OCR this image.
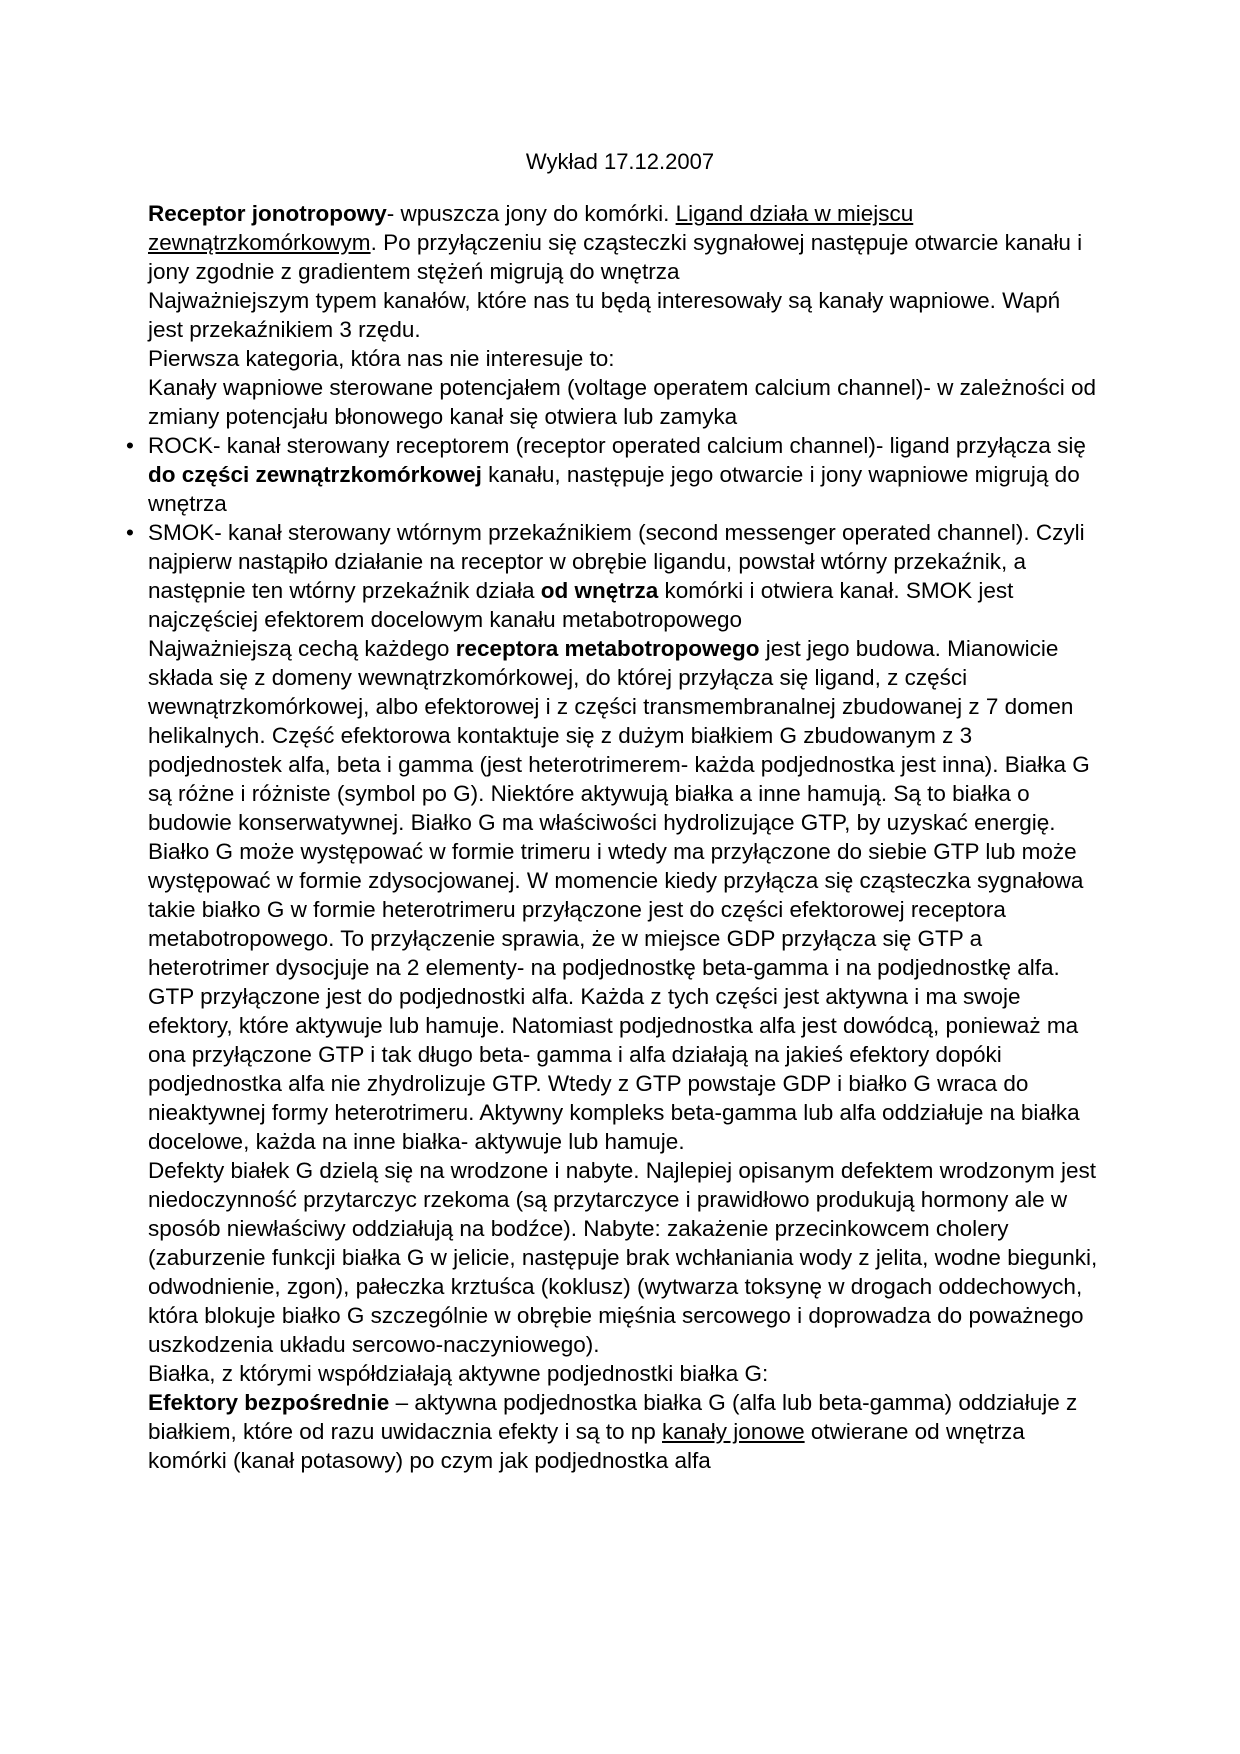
Wykład 17.12.2007

Receptor jonotropowy- wpuszcza jony do komórki. Ligand działa w miejscu zewnątrzkomórkowym. Po przyłączeniu się cząsteczki sygnałowej następuje otwarcie kanału i jony zgodnie z gradientem stężeń migrują do wnętrza

Najważniejszym typem kanałów, które nas tu będą interesowały są kanały wapniowe. Wapń jest przekaźnikiem 3 rzędu.

Pierwsza kategoria, która nas nie interesuje to:

Kanały wapniowe sterowane potencjałem (voltage operatem calcium channel)- w zależności od zmiany potencjału błonowego kanał się otwiera lub zamyka

• ROCK- kanał sterowany receptorem (receptor operated calcium channel)- ligand przyłącza się do części zewnątrzkomórkowej kanału, następuje jego otwarcie i jony wapniowe migrują do wnętrza

• SMOK- kanał sterowany wtórnym przekaźnikiem (second messenger operated channel). Czyli najpierw nastąpiło działanie na receptor w obrębie ligandu, powstał wtórny przekaźnik, a następnie ten wtórny przekaźnik działa od wnętrza komórki i otwiera kanał. SMOK jest najczęściej efektorem docelowym kanału metabotropowego

Najważniejszą cechą każdego receptora metabotropowego jest jego budowa. Mianowicie składa się z domeny wewnątrzkomórkowej, do której przyłącza się ligand, z części wewnątrzkomórkowej, albo efektorowej i z części transmembranalnej zbudowanej z 7 domen helikalnych. Część efektorowa kontaktuje się z dużym białkiem G zbudowanym z 3 podjednostek alfa, beta i gamma (jest heterotrimerem- każda podjednostka jest inna). Białka G są różne i różniste (symbol po G). Niektóre aktywują białka a inne hamują. Są to białka o budowie konserwatywnej. Białko G ma właściwości hydrolizujące GTP, by uzyskać energię.

Białko G może występować w formie trimeru i wtedy ma przyłączone do siebie GTP lub może występować w formie zdysocjowanej. W momencie kiedy przyłącza się cząsteczka sygnałowa takie białko G w formie heterotrimeru przyłączone jest do części efektorowej receptora metabotropowego. To przyłączenie sprawia, że w miejsce GDP przyłącza się GTP a heterotrimer dysocjuje na 2 elementy- na podjednostkę beta-gamma i na podjednostkę alfa. GTP przyłączone jest do podjednostki alfa. Każda z tych części jest aktywna i ma swoje efektory, które aktywuje lub hamuje. Natomiast podjednostka alfa jest dowódcą, ponieważ ma ona przyłączone GTP i tak długo beta- gamma i alfa działają na jakieś efektory dopóki podjednostka alfa nie zhydrolizuje GTP. Wtedy z GTP powstaje GDP i białko G wraca do nieaktywnej formy heterotrimeru. Aktywny kompleks beta-gamma lub alfa oddziałuje na białka docelowe, każda na inne białka- aktywuje lub hamuje.

Defekty białek G dzielą się na wrodzone i nabyte. Najlepiej opisanym defektem wrodzonym jest niedoczynność przytarczyc rzekoma (są przytarczyce i prawidłowo produkują hormony ale w sposób niewłaściwy oddziałują na bodźce). Nabyte: zakażenie przecinkowcem cholery (zaburzenie funkcji białka G w jelicie, następuje brak wchłaniania wody z jelita, wodne biegunki, odwodnienie, zgon), pałeczka krztuśca (koklusz) (wytwarza toksynę w drogach oddechowych, która blokuje białko G szczególnie w obrębie mięśnia sercowego i doprowadza do poważnego uszkodzenia układu sercowo-naczyniowego).

Białka, z którymi współdziałają aktywne podjednostki białka G:

Efektory bezpośrednie – aktywna podjednostka białka G (alfa lub beta-gamma) oddziałuje z białkiem, które od razu uwidacznia efekty i są to np kanały jonowe otwierane od wnętrza komórki (kanał potasowy) po czym jak podjednostka alfa
